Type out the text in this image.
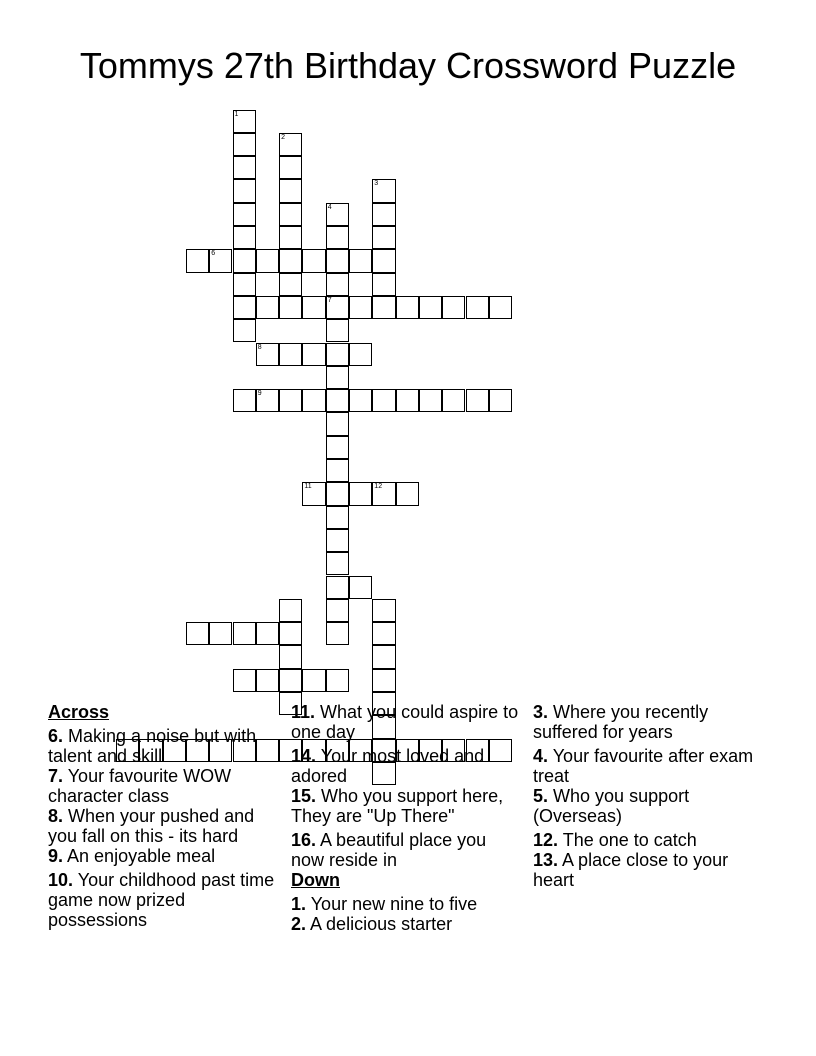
Tommys 27th Birthday Crossword Puzzle
1
2
3
4
7
6
8
9
11	12

Across

6. Making a noise but with talent and skill

7. Your favourite WOW character class

8. When your pushed and you fall on this - its hard

9. An enjoyable meal

10. Your childhood past time game now prized possessions

11. What you could aspire to one day

14. Your most loved and adored

15. Who you support here, They are "Up There"

16. A beautiful place you now reside in

Down

1. Your new nine to five

2. A delicious starter

3. Where you recently suffered for years

4. Your favourite after exam treat

5. Who you support (Overseas)

12. The one to catch

13. A place close to your heart
